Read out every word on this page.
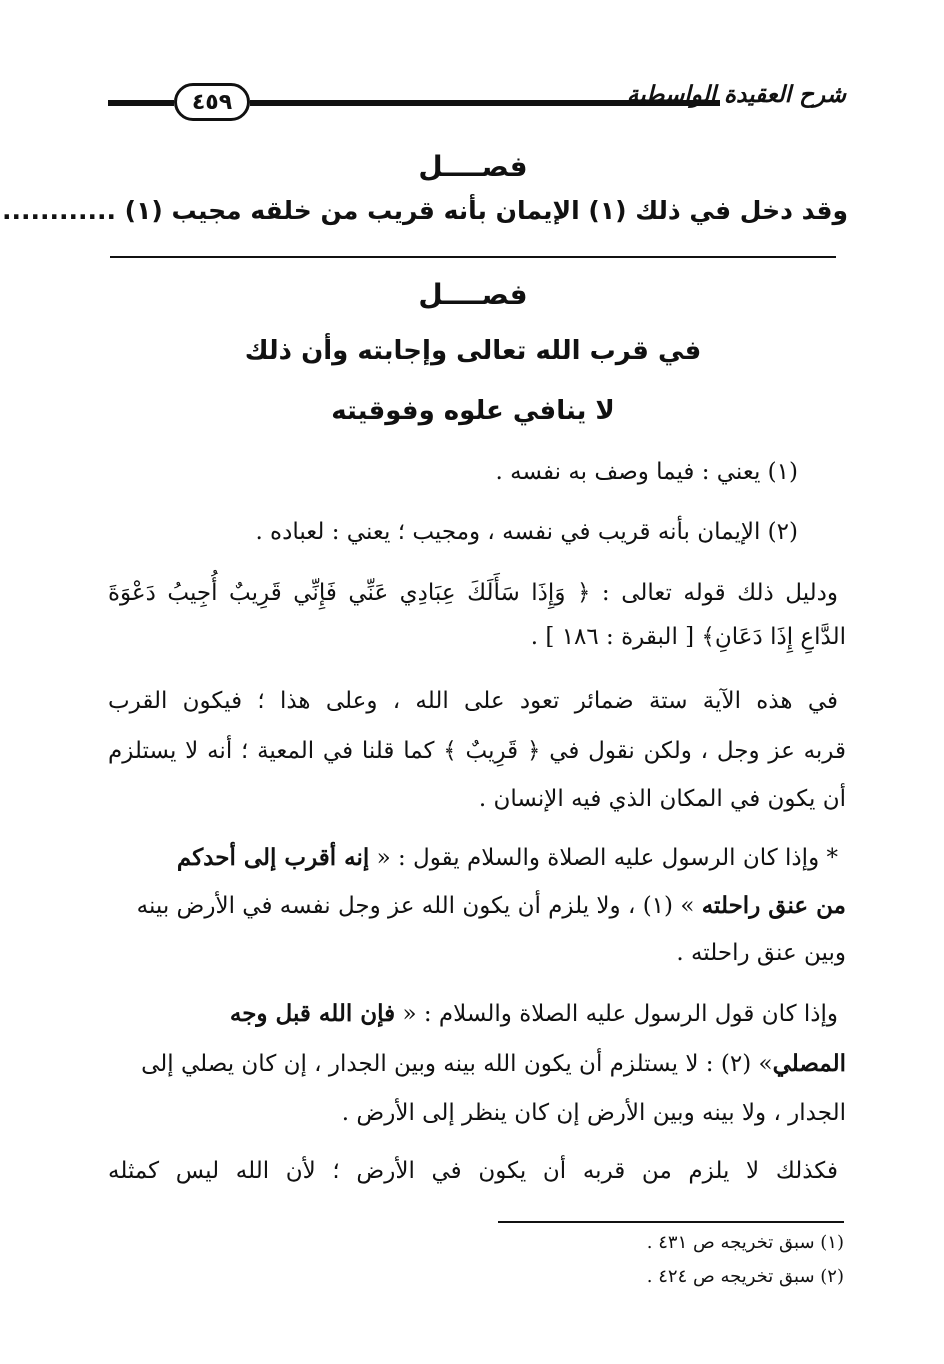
٤٥٩	شرح العقيدة الواسطية
فصــــل
وقد دخل في ذلك (١) الإيمان بأنه قريب من خلقه مجيب (١) ............
فصــــل
في قرب الله تعالى وإجابته وأن ذلك
لا ينافي علوه وفوقيته
(١) يعني : فيما وصف به نفسه .
(٢) الإيمان بأنه قريب في نفسه ، ومجيب ؛ يعني : لعباده .
ودليل ذلك قوله تعالى : ﴿ وَإِذَا سَأَلَكَ عِبَادِي عَنِّي فَإِنِّي قَرِيبٌ أُجِيبُ دَعْوَةَ
الدَّاعِ إِذَا دَعَانِ﴾ [ البقرة : ١٨٦ ] .
في هذه الآية ستة ضمائر تعود على الله ، وعلى هذا ؛ فيكون القرب
قربه عز وجل ، ولكن نقول في ﴿ قَرِيبٌ ﴾ كما قلنا في المعية ؛ أنه لا يستلزم
أن يكون في المكان الذي فيه الإنسان .
* وإذا كان الرسول عليه الصلاة والسلام يقول : « إنه أقرب إلى أحدكم
من عنق راحلته » (١) ، ولا يلزم أن يكون الله عز وجل نفسه في الأرض بينه
وبين عنق راحلته .
وإذا كان قول الرسول عليه الصلاة والسلام : « فإن الله قبل وجه
المصلي» (٢) : لا يستلزم أن يكون الله بينه وبين الجدار ، إن كان يصلي إلى
الجدار ، ولا بينه وبين الأرض إن كان ينظر إلى الأرض .
فكذلك لا يلزم من قربه أن يكون في الأرض ؛ لأن الله ليس كمثله
(١) سبق تخريجه ص ٤٣١ .
(٢) سبق تخريجه ص ٤٢٤ .
